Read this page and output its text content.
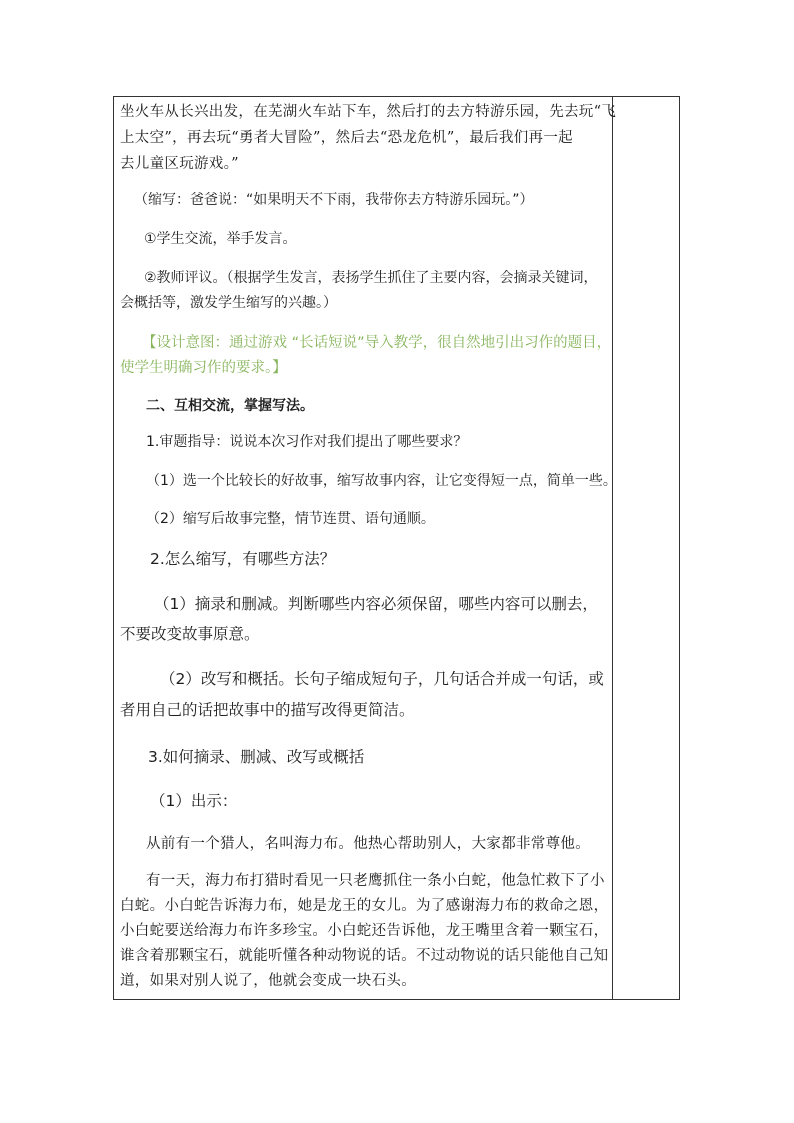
坐火车从长兴出发，在芜湖火车站下车，然后打的去方特游乐园，先去玩“飞
上太空”，再去玩“勇者大冒险”，然后去“恐龙危机”，最后我们再一起
去儿童区玩游戏。”
（缩写：爸爸说：“如果明天不下雨，我带你去方特游乐园玩。”）
①学生交流，举手发言。
②教师评议。（根据学生发言，表扬学生抓住了主要内容，会摘录关键词，
会概括等，激发学生缩写的兴趣。）
【设计意图：通过游戏 “长话短说”导入教学，很自然地引出习作的题目，
使学生明确习作的要求。】
二、互相交流，掌握写法。
1.审题指导：说说本次习作对我们提出了哪些要求？
（1）选一个比较长的好故事，缩写故事内容，让它变得短一点，简单一些。
（2）缩写后故事完整，情节连贯、语句通顺。
2.怎么缩写，有哪些方法？
（1）摘录和删减。判断哪些内容必须保留，哪些内容可以删去，
不要改变故事原意。
（2）改写和概括。长句子缩成短句子，几句话合并成一句话，或
者用自己的话把故事中的描写改得更简洁。
3.如何摘录、删减、改写或概括
（1）出示：
从前有一个猎人，名叫海力布。他热心帮助别人，大家都非常尊他。
有一天，海力布打猎时看见一只老鹰抓住一条小白蛇，他急忙救下了小
白蛇。小白蛇告诉海力布，她是龙王的女儿。为了感谢海力布的救命之恩，
小白蛇要送给海力布许多珍宝。小白蛇还告诉他，龙王嘴里含着一颗宝石，
谁含着那颗宝石，就能听懂各种动物说的话。不过动物说的话只能他自己知
道，如果对别人说了，他就会变成一块石头。
